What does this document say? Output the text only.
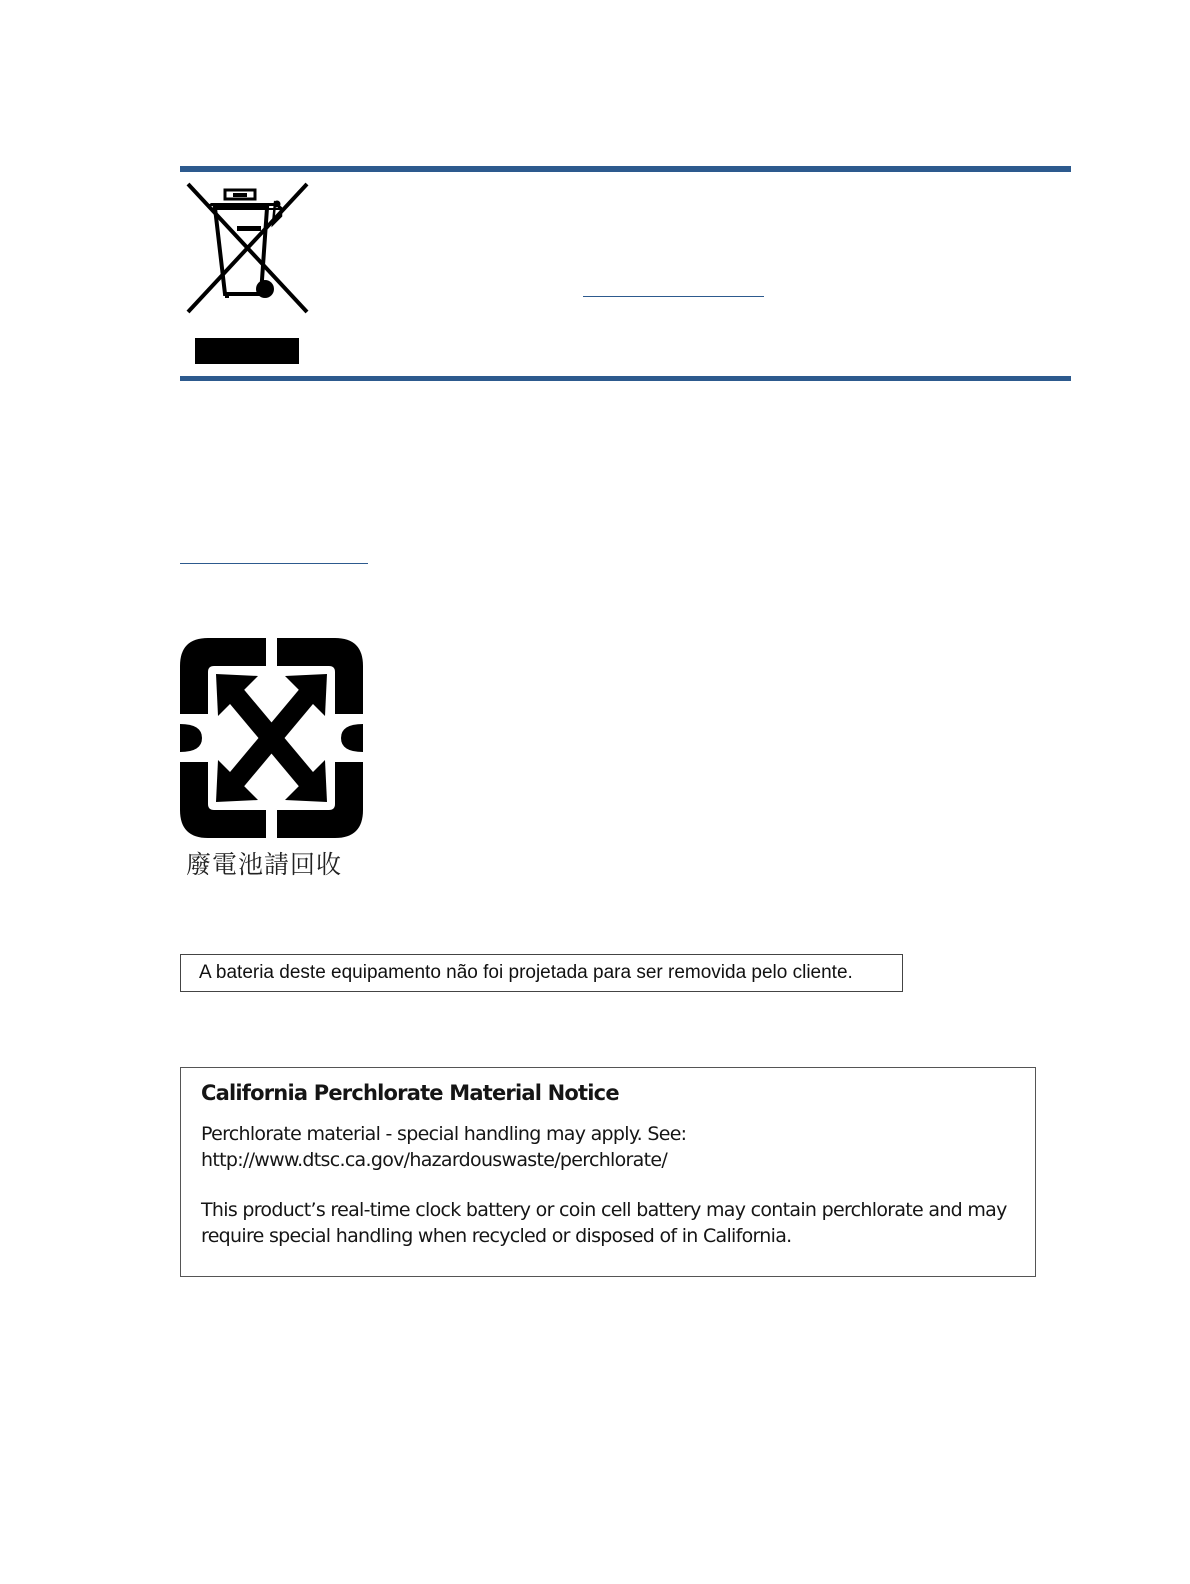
廢電池請回收
A bateria deste equipamento não foi projetada para ser removida pelo cliente.
California Perchlorate Material Notice
Perchlorate material - special handling may apply. See:
http://www.dtsc.ca.gov/hazardouswaste/perchlorate/
This product’s real-time clock battery or coin cell battery may contain perchlorate and may
require special handling when recycled or disposed of in California.
